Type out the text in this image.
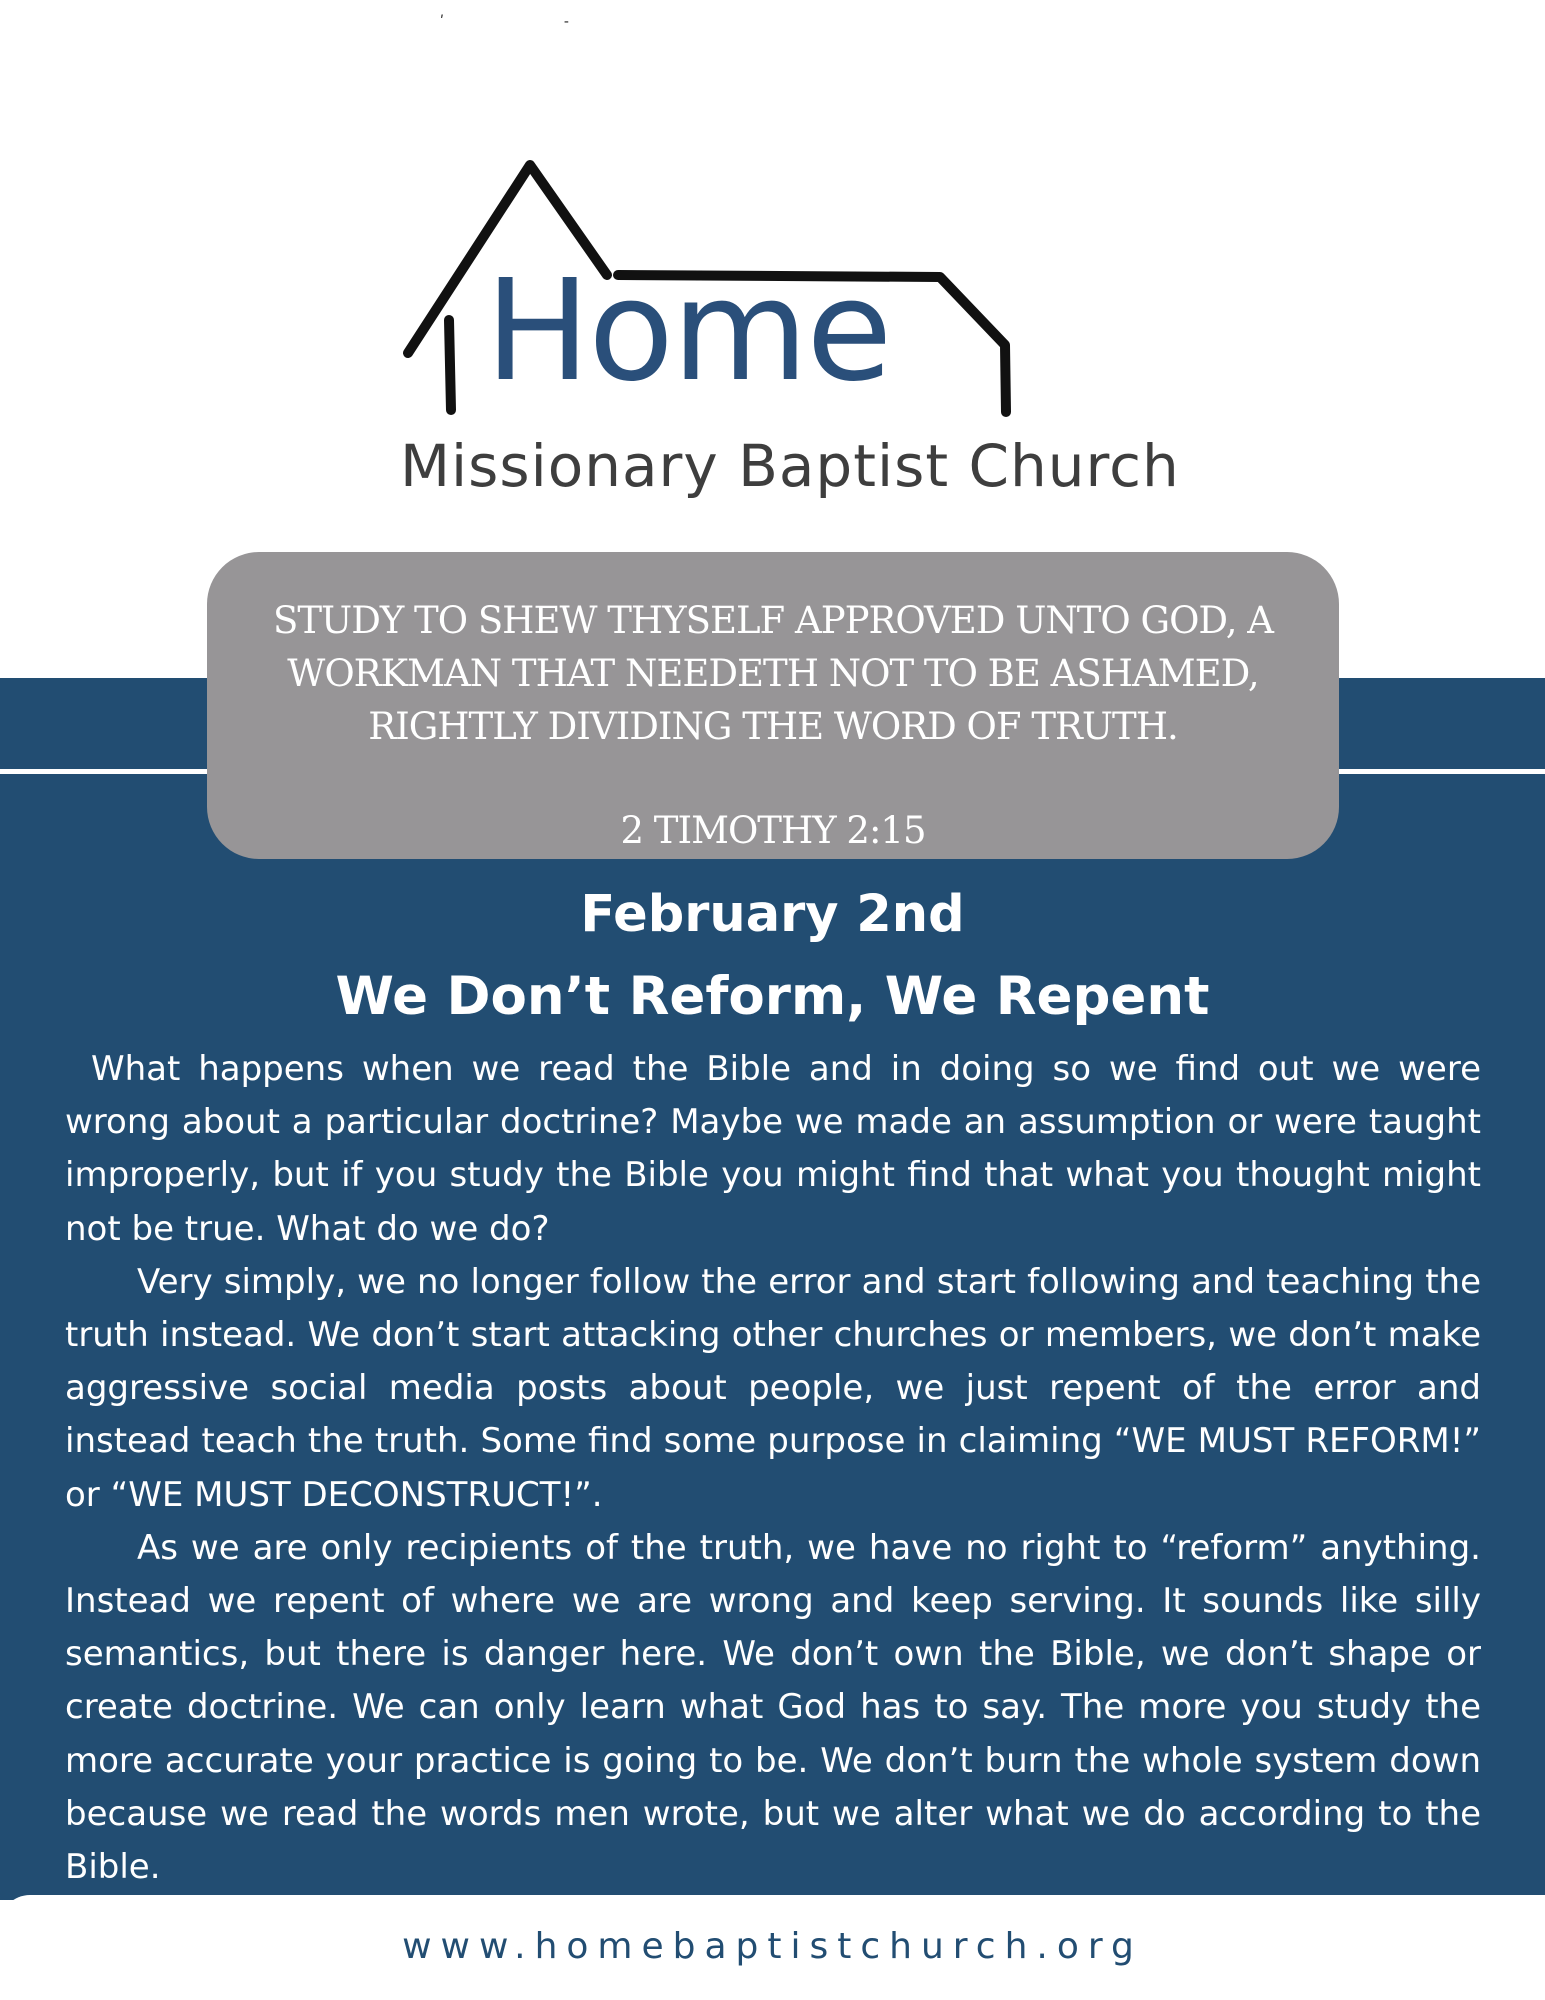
ʹ‐
Home
Missionary Baptist Church
STUDY TO SHEW THYSELF APPROVED UNTO GOD, A WORKMAN THAT NEEDETH NOT TO BE ASHAMED, RIGHTLY DIVIDING THE WORD OF TRUTH.
2 TIMOTHY 2:15
February 2nd
We Don’t Reform, We Repent

What happens when we read the Bible and in doing so we find out we were wrong about a particular doctrine? Maybe we made an assumption or were taught improperly, but if you study the Bible you might find that what you thought might not be true. What do we do?

Very simply, we no longer follow the error and start following and teaching the truth instead. We don’t start attacking other churches or members, we don’t make aggressive social media posts about people, we just repent of the error and instead teach the truth. Some find some purpose in claiming “WE MUST REFORM!” or “WE MUST DECONSTRUCT!”.

As we are only recipients of the truth, we have no right to “reform” anything. Instead we repent of where we are wrong and keep serving. It sounds like silly semantics, but there is danger here. We don’t own the Bible, we don’t shape or create doctrine. We can only learn what God has to say. The more you study the more accurate your practice is going to be. We don’t burn the whole system down because we read the words men wrote, but we alter what we do according to the Bible.

www.homebaptistchurch.org
